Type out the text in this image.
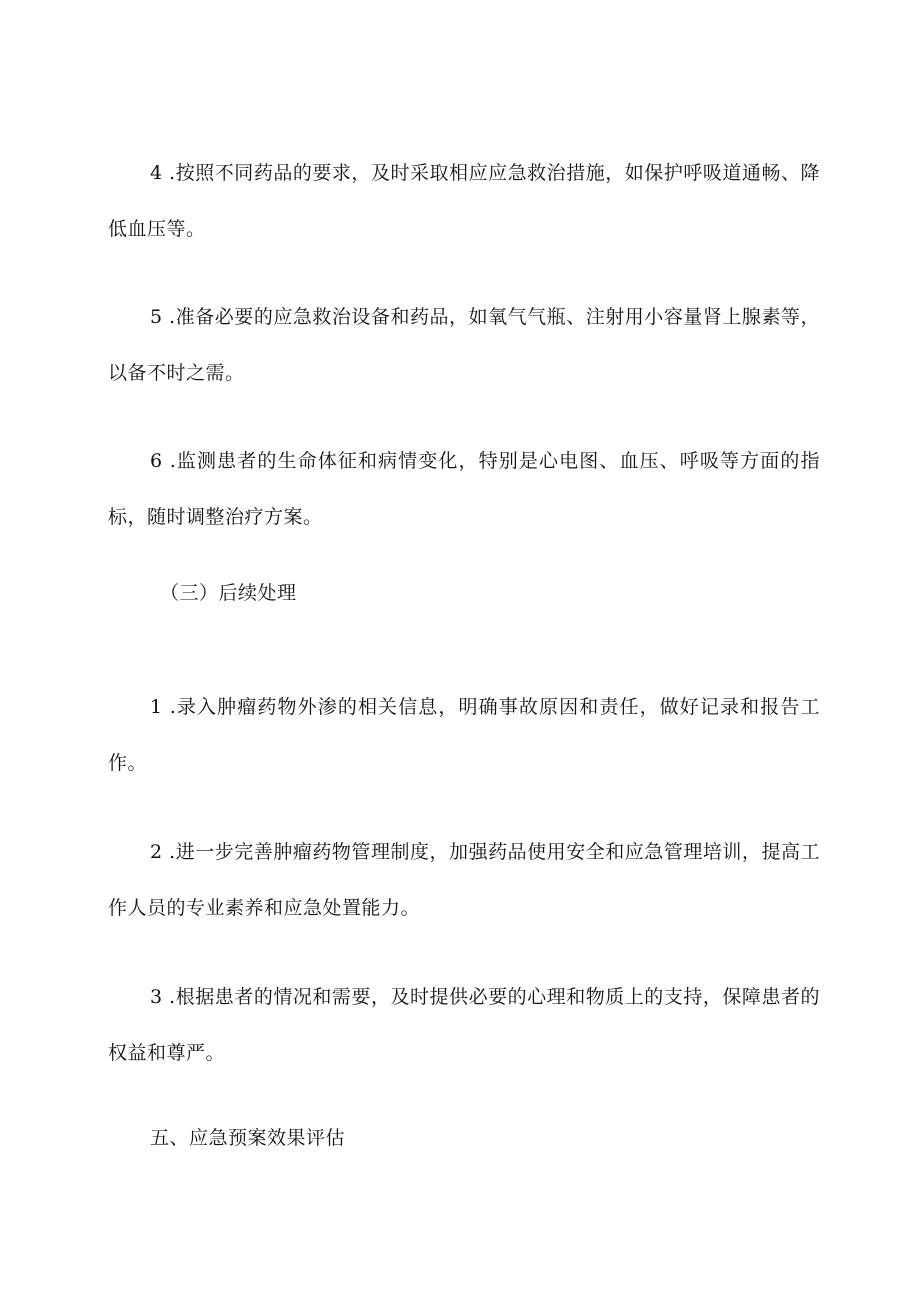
4 .按照不同药品的要求，及时采取相应应急救治措施，如保护呼吸道通畅、降低血压等。

5 .准备必要的应急救治设备和药品，如氧气气瓶、注射用小容量肾上腺素等，以备不时之需。

6 .监测患者的生命体征和病情变化，特别是心电图、血压、呼吸等方面的指标，随时调整治疗方案。

（三）后续处理

1 .录入肿瘤药物外渗的相关信息，明确事故原因和责任，做好记录和报告工作。

2 .进一步完善肿瘤药物管理制度，加强药品使用安全和应急管理培训，提高工作人员的专业素养和应急处置能力。

3 .根据患者的情况和需要，及时提供必要的心理和物质上的支持，保障患者的权益和尊严。

五、应急预案效果评估
